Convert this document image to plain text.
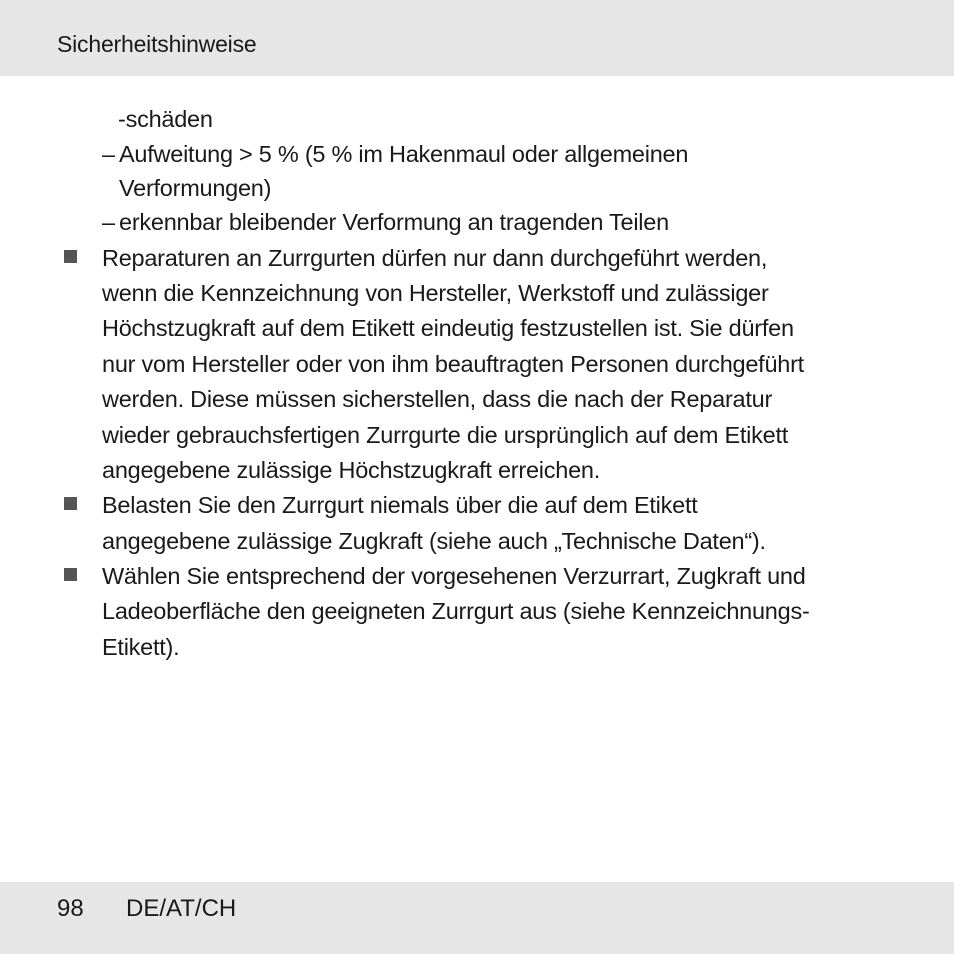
Sicherheitshinweise
-schäden
– Aufweitung > 5 % (5 % im Hakenmaul oder allgemeinen
Verformungen)
– erkennbar bleibender Verformung an tragenden Teilen
Reparaturen an Zurrgurten dürfen nur dann durchgeführt werden,
wenn die Kennzeichnung von Hersteller, Werkstoff und zulässiger
Höchstzugkraft auf dem Etikett eindeutig festzustellen ist. Sie dürfen
nur vom Hersteller oder von ihm beauftragten Personen durchgeführt
werden. Diese müssen sicherstellen, dass die nach der Reparatur
wieder gebrauchsfertigen Zurrgurte die ursprünglich auf dem Etikett
angegebene zulässige Höchstzugkraft erreichen.
Belasten Sie den Zurrgurt niemals über die auf dem Etikett
angegebene zulässige Zugkraft (siehe auch „Technische Daten“).
Wählen Sie entsprechend der vorgesehenen Verzurrart, Zugkraft und
Ladeoberfläche den geeigneten Zurrgurt aus (siehe Kennzeichnungs-
Etikett).
98 DE/AT/CH
